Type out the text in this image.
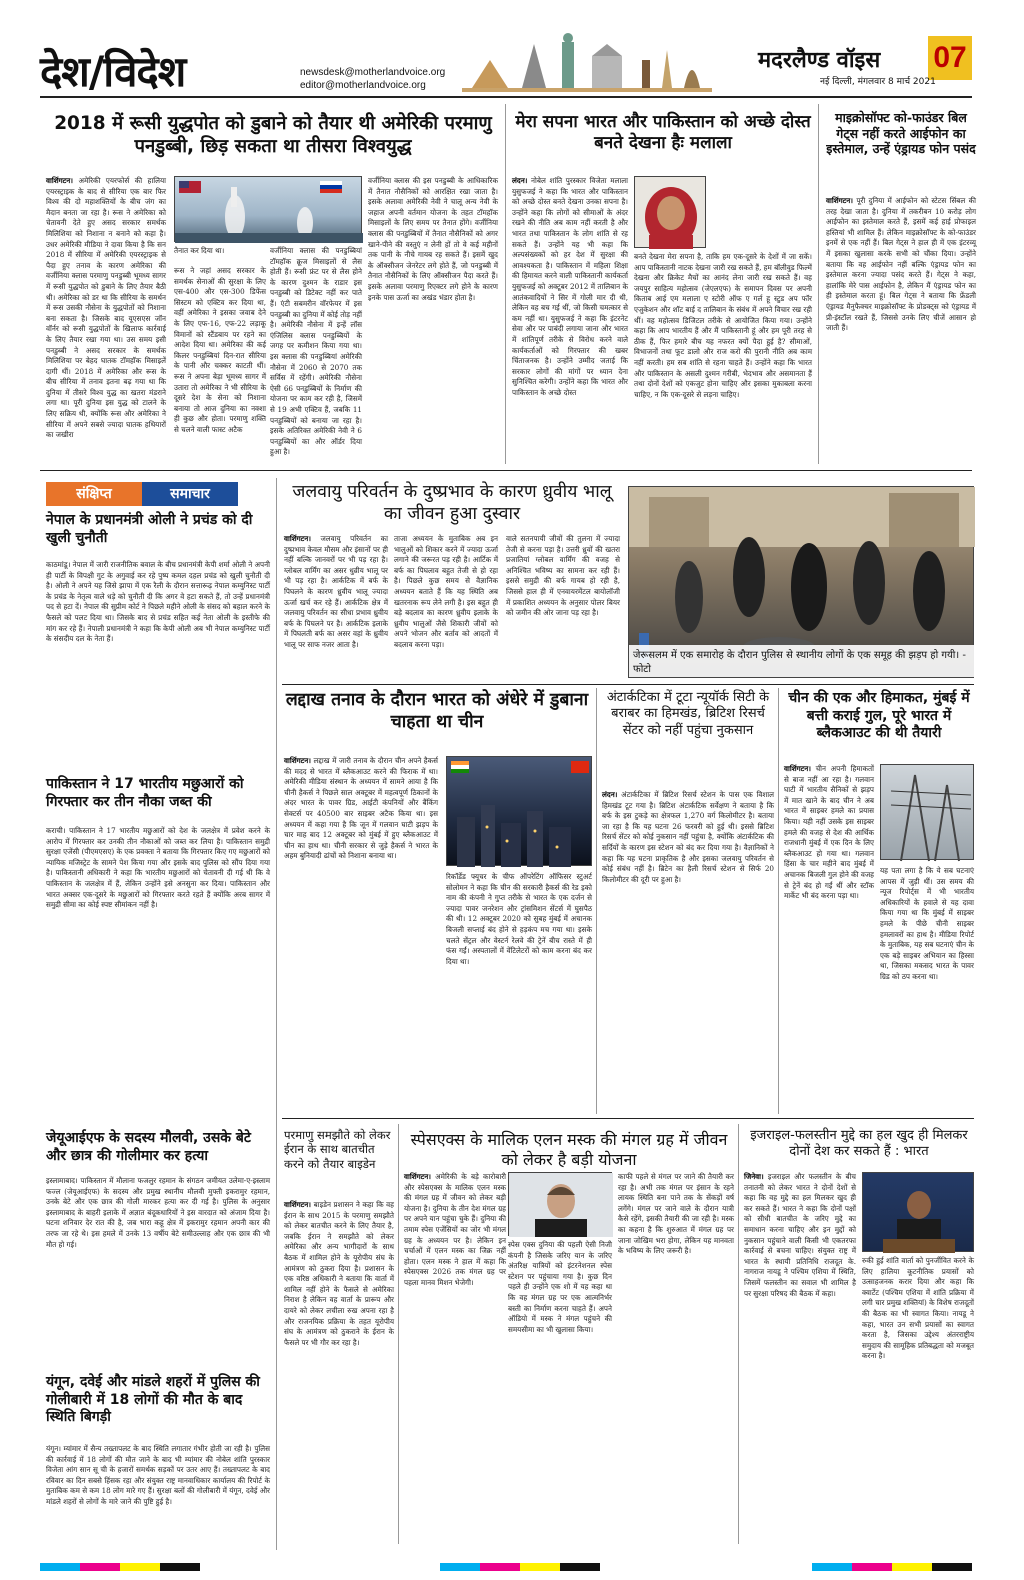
देश/विदेश	newsdesk@motherlandvoice.org
editor@motherlandvoice.org
मदरलैण्ड वॉइस 07
नई दिल्ली, मंगलवार 8 मार्च 2021
2018 में रूसी युद्धपोत को डुबाने को तैयार थी अमेरिकी परमाणु पनडुब्बी, छिड़ सकता था तीसरा विश्वयुद्ध
वाशिंगटन। अमेरिकी एयरफोर्स की हालिया एयरस्ट्राइक के बाद से सीरिया एक बार फिर विश्व की दो महाशक्तियों के बीच जंग का मैदान बनता जा रहा है। रूस ने अमेरिका को चेतावनी देते हुए असद सरकार समर्थक मिलिशिया को निशाना न बनाने को कहा है। उधर अमेरिकी मीडिया ने दावा किया है कि सन 2018 में सीरिया में अमेरिकी एयरस्ट्राइक से पैदा हुए तनाव के कारण अमेरिका की वर्जीनिया क्लास परमाणु पनडुब्बी भूमध्य सागर में रूसी युद्धपोत को डुबाने के लिए तैयार बैठी थी। अमेरिका को डर था कि सीरिया के समर्थन में रूस उसकी नौसेना के युद्धपोतों को निशाना बना सकता है। जिसके बाद यूएसएस जॉन वॉर्नर को रूसी युद्धपोतों के खिलाफ कार्रवाई के लिए तैयार रखा गया था। उस समय इसी पनडुब्बी ने असद सरकार के समर्थक मिलिशिया पर बेहद घातक टॉमहॉक मिसाइलें दागी थीं। 2018 में अमेरिका और रूस के बीच सीरिया में तनाव इतना बढ़ गया था कि दुनिया में तीसरे विश्व युद्ध का खतरा मंडराने लगा था। पूरी दुनिया इस युद्ध को टालने के लिए सक्रिय थी, क्योंकि रूस और अमेरिका ने सीरिया में अपने सबसे ज्यादा घातक हथियारों का जखीरा
तैनात कर दिया था।
रूस ने जहां असद सरकार के समर्थक सेनाओं की सुरक्षा के लिए एस-400 और एस-300 डिफेंस सिस्टम को एक्टिव कर दिया था, वहीं अमेरिका ने इसका जवाब देने के लिए एफ-16, एफ-22 लड़ाकू विमानों को स्टैंडबाय पर रहने का आदेश दिया था। अमेरिका की कई किलर पनडुब्बियां दिन-रात सीरिया के पानी और चक्कर काटती थीं। रूस ने अपना बेड़ा भूमध्य सागर में उतारा तो अमेरिका ने भी सीरिया के दूसरे देश के सेना को निशाना बनाया तो आज दुनिया का नक्शा ही कुछ और होता। परमाणु शक्ति से चलने वाली फास्ट अटैक
वर्जीनिया क्लास की पनडुब्बियां टॉमहॉक क्रूज मिसाइलों से लैस होती हैं। रूसी फ्रंट पर से लैस होने के कारण दुश्मन के राडार इस पनडुब्बी को डिटेक्ट नहीं कर पाते हैं। एंटी सबमरीन वॉरफेयर में इस पनडुब्बी का दुनिया में कोई तोड़ नहीं है। अमेरिकी नौसेना में इन्हें लॉस एंजिलिस क्लास पनडुब्बियों के जगह पर कमीशन किया गया था। इस क्लास की पनडुब्बियां अमेरिकी नौसेना में 2060 से 2070 तक सर्विस में रहेंगी। अमेरिकी नौसेना ऐसी 66 पनडुब्बियों के निर्माण की योजना पर काम कर रही है, जिसमें से 19 अभी एक्टिव हैं, जबकि 11 पनडुब्बियों को बनाया जा रहा है। इसके अतिरिक्त अमेरिकी नेवी ने 6 पनडुब्बियों का और ऑर्डर दिया हुआ है।
वर्जीनिया क्लास की इस पनडुब्बी के आधिकारिक में तैनात नौसैनिकों को आरक्षित रखा जाता है। इसके अलावा अमेरिकी नेवी ने चालू अन्य नेवी के जहाज अपनी वर्तमान योजना के तहत टॉमहॉक मिसाइलों के लिए समय पर तैनात होंगे। वर्जीनिया क्लास की पनडुब्बियों में तैनात नौसैनिकों को अगर खाने-पीने की वस्तुएं न लेनी हों तो वे कई महीनों तक पानी के नीचे गायब रह सकते हैं। इसमें खुद के ऑक्सीजन जेनरेटर लगे होते हैं, जो पनडुब्बी में तैनात नौसैनिकों के लिए ऑक्सीजन पैदा करते हैं। इसके अलावा परमाणु रिएक्टर लगे होने के कारण इनके पास ऊर्जा का अखंड भंडार होता है।
मेरा सपना भारत और पाकिस्तान को अच्छे दोस्त बनते देखना हैः मलाला
लंदन। नोबेल शांति पुरस्कार विजेता मलाला युसुफजई ने कहा कि भारत और पाकिस्तान को अच्छे दोस्त बनते देखना उनका सपना है। उन्होंने कहा कि लोगों को सीमाओं के अंदर रखने की नीति अब काम नहीं करती है और भारत तथा पाकिस्तान के लोग शांति से रह सकते हैं। उन्होंने यह भी कहा कि अल्पसंख्यकों को हर देश में सुरक्षा की आवश्यकता है। पाकिस्तान में महिला शिक्षा की हिमायत करने वाली पाकिस्तानी कार्यकर्ता युसुफजई को अक्टूबर 2012 में तालिबान के आतंकवादियों ने सिर में गोली मार दी थी, लेकिन वह बच गई थीं, जो किसी चमत्कार से कम नहीं था। युसुफजई ने कहा कि इंटरनेट सेवा और पर पाबंदी लगाया जाना और भारत में शांतिपूर्ण तरीके से विरोध करने वाले कार्यकर्ताओं को गिरफ्तार की खबर चिंताजनक है। उन्होंने उम्मीद जताई कि सरकार लोगों की मांगों पर ध्यान देना सुनिश्चित करेगी। उन्होंने कहा कि भारत और पाकिस्तान के अच्छे दोस्त
बनते देखना मेरा सपना है, ताकि हम एक-दूसरे के देशों में जा सकें। आप पाकिस्तानी नाटक देखना जारी रख सकते हैं, हम बॉलीवुड फिल्में देखना और क्रिकेट मैचों का आनंद लेना जारी रख सकते हैं। वह जयपुर साहित्य महोत्सव (जेएलएफ) के समापन दिवस पर अपनी किताब आई एम मलाला ए स्टोरी ऑफ ए गर्ल हू स्टुड अप फॉर एजुकेशन और शॉट बाई द तालिबान के संबंध में अपने विचार रख रही थीं। वह महोत्सव डिजिटल तरीके से आयोजित किया गया। उन्होंने कहा कि आप भारतीय हैं और मैं पाकिस्तानी हूं और हम पूरी तरह से ठीक हैं, फिर हमारे बीच यह नफरत क्यों पैदा हुई है? सीमाओं, विभाजनों तथा फूट डालो और राज करो की पुरानी नीति अब काम नहीं करती। हम सब शांति से रहना चाहते हैं। उन्होंने कहा कि भारत और पाकिस्तान के असली दुश्मन गरीबी, भेदभाव और असमानता हैं तथा दोनों देशों को एकजुट होना चाहिए और इसका मुकाबला करना चाहिए, न कि एक-दूसरे से लड़ना चाहिए।
माइक्रोसॉफ्ट को-फाउंडर बिल गेट्स नहीं करते आईफोन का इस्तेमाल, उन्हें एंड्रायड फोन पसंद
वाशिंगटन। पूरी दुनिया में आईफोन को स्टेटस सिंबल की तरह देखा जाता है। दुनिया में तकरीबन 10 करोड़ लोग आईफोन का इस्तेमाल करते हैं, इसमें कई हाई प्रोफाइल हस्तियां भी शामिल हैं। लेकिन माइक्रोसॉफ्ट के को-फाउंडर इनमें से एक नहीं हैं। बिल गेट्स ने हाल ही में एक इंटरव्यू में इसका खुलासा करके सभी को चौंका दिया। उन्होंने बताया कि वह आईफोन नहीं बल्कि एंड्रायड फोन का इस्तेमाल करना ज्यादा पसंद करते हैं। गेट्स ने कहा, हालांकि मेरे पास आईफोन है, लेकिन मैं एंड्रायड फोन का ही इस्तेमाल करता हूं। बिल गेट्स ने बताया कि फ्रेंडली एंड्रायड मैनुफैक्चर माइक्रोसॉफ्ट के प्रोडक्ट्स को एंड्रायड में प्री-इंस्टॉल रखते हैं, जिससे उनके लिए चीजें आसान हो जाती हैं।
संक्षिप्त	समाचार
नेपाल के प्रधानमंत्री ओली ने प्रचंड को दी खुली चुनौती
काठमांडू। नेपाल में जारी राजनीतिक बवाल के बीच प्रधानमंत्री केपी शर्मा ओली ने अपनी ही पार्टी के विपक्षी गुट के अगुवाई कर रहे पुष्प कमल दहल प्रचंड को खुली चुनौती दी है। ओली ने अपने यह जिसे झापा में एक रैली के दौरान सत्तारूढ़ नेपाल कम्युनिस्ट पार्टी के प्रचंड के नेतृत्व वाले धड़े को चुनौती दी कि अगर वे हटा सकते हैं, तो उन्हें प्रधानमंत्री पद से हटा दें। नेपाल की सुप्रीम कोर्ट ने पिछले महीने ओली के संसद को बहाल करने के फैसले को पलट दिया था। जिसके बाद से प्रचंड सहित कई नेता ओली के इस्तीफे की मांग कर रहे हैं। नेपाली प्रधानमंत्री ने कहा कि केपी ओली अब भी नेपाल कम्युनिस्ट पार्टी के संसदीय दल के नेता हैं।
पाकिस्तान ने 17 भारतीय मछुआरों को गिरफ्तार कर तीन नौका जब्त की
कराची। पाकिस्तान ने 17 भारतीय मछुआरों को देश के जलक्षेत्र में प्रवेश करने के आरोप में गिरफ्तार कर उनकी तीन नौकाओं को जब्त कर लिया है। पाकिस्तान समुद्री सुरक्षा एजेंसी (पीएमएसए) के एक प्रवक्ता ने बताया कि गिरफ्तार किए गए मछुआरों को न्यायिक मजिस्ट्रेट के सामने पेश किया गया और इसके बाद पुलिस को सौंप दिया गया है। पाकिस्तानी अधिकारी ने कहा कि भारतीय मछुआरों को चेतावनी दी गई थी कि वे पाकिस्तान के जलक्षेत्र में हैं, लेकिन उन्होंने इसे अनसुना कर दिया। पाकिस्तान और भारत अक्सर एक-दूसरे के मछुआरों को गिरफ्तार करते रहते हैं क्योंकि अरब सागर में समुद्री सीमा का कोई स्पष्ट सीमांकन नहीं है।
जेयूआईएफ के सदस्य मौलवी, उसके बेटे और छात्र की गोलीमार कर हत्या
इस्लामाबाद। पाकिस्तान में मौलाना फजलुर रहमान के संगठन जमीयत उलेमा-ए-इस्लाम फज्ल (जेयूआईएफ) के सदस्य और प्रमुख स्थानीय मौलवी मुफ्ती इकरामुर रहमान, उनके बेटे और एक छात्र की गोली मारकर हत्या कर दी गई है। पुलिस के अनुसार इस्लामाबाद के बाहरी इलाके में अज्ञात बंदूकधारियों ने इस वारदात को अंजाम दिया है। घटना शनिवार देर रात की है, जब भारा कहू क्षेत्र में इकरामुर रहमान अपनी कार की तरफ जा रहे थे। इस हमले में उनके 13 वर्षीय बेटे समीउल्लाह और एक छात्र की भी मौत हो गई।
यंगून, दवेई और मांडले शहरों में पुलिस की गोलीबारी में 18 लोगों की मौत के बाद स्थिति बिगड़ी
यंगून। म्यांमार में सैन्य तख्तापलट के बाद स्थिति लगातार गंभीर होती जा रही है। पुलिस की कार्रवाई में 18 लोगों की मौत जाने के बाद भी म्यांमार की नोबेल शांति पुरस्कार विजेता आंग सान सू ची के हजारों समर्थक सड़कों पर उतर आए हैं। तख्तापलट के बाद रविवार का दिन सबसे हिंसक रहा और संयुक्त राष्ट्र मानवाधिकार कार्यालय की रिपोर्ट के मुताबिक कम से कम 18 लोग मारे गए हैं। सुरक्षा बलों की गोलीबारी में यंगून, दवेई और मांडले शहरों से लोगों के मारे जाने की पुष्टि हुई है।
जलवायु परिवर्तन के दुष्प्रभाव के कारण ध्रुवीय भालू का जीवन हुआ दुस्वार
वाशिंगटन। जलवायु परिवर्तन का दुष्प्रभाव केवल मौसम और इंसानों पर ही नहीं बल्कि जानवरों पर भी पड़ रहा है। ग्लोबल वार्मिंग का असर धुव्रीय भालू पर भी पड़ रहा है। आर्कटिक में बर्फ के पिघलने के कारण ध्रुवीय भालू ज्यादा ऊर्जा खर्च कर रहे हैं। आर्कटिक क्षेत्र में जलवायु परिवर्तन का सीधा प्रभाव ध्रुवीय बर्फ के पिघलने पर है। आर्कटिक इलाके में पिघलती बर्फ का असर वहां के ध्रुवीय भालू पर साफ नजर आता है।
ताजा अध्ययन के मुताबिक अब इन भालुओं को शिकार करने में ज्यादा ऊर्जा लगाने की जरूरत पड़ रही है। आर्टिक में बर्फ का पिघलाव बहुत तेजी से हो रहा है। पिछले कुछ समय से वैज्ञानिक अध्ययन बताते हैं कि यह स्थिति अब खतरनाक रूप लेने लगी है। इस बहुत ही बड़े बदलाव का कारण ध्रुवीय इलाके के ध्रुवीय भालुओं जैसे शिकारी जीवों को अपने भोजन और बर्ताव को आदतों में बदलाव करना पड़ा।
वाले सतनपायी जीवों की तुलना में ज्यादा तेजी से करना पड़ा है। उत्तरी ध्रुवों की खतरा प्रजातियां ग्लोबल वार्मिंग की वजह से अनिश्चित भविष्य का सामना कर रही हैं। इससे समुद्री की बर्फ गायब हो रही है, जिससे हाल ही में एनवायरमेंटल बायोलॉजी में प्रकाशित अध्ययन के अनुसार पोलर बियर को जमीन की ओर जाना पड़ रहा है।
जेरूसलम में एक समारोह के दौरान पुलिस से स्थानीय लोगों के एक समूह की झड़प हो गयी। - फोटो
लद्दाख तनाव के दौरान भारत को अंधेरे में डुबाना चाहता था चीन
वाशिंगटन। लद्दाख में जारी तनाव के दौरान चीन अपने हैकर्स की मदद से भारत में ब्लैकआउट करने की फिराक में था। अमेरिकी मीडिया संस्थान के अध्ययन में सामने आया है कि चीनी हैकर्स ने पिछले साल अक्टूबर में महत्वपूर्ण ठिकानों के अंदर भारत के पावर ग्रिड, आईटी कंपनियों और बैंकिंग सेक्टर्स पर 40500 बार साइबर अटैक किया था। इस अध्ययन में कहा गया है कि जून में गलवान घाटी झड़प के चार माह बाद 12 अक्टूबर को मुंबई में हुए ब्लैकआउट में चीन का हाथ था। चीनी सरकार से जुड़े हैकर्स ने भारत के अहम बुनियादी ढांचों को निशाना बनाया था।
रिकॉर्डेड फ्यूचर के चीफ ऑपरेटिंग ऑफिसर स्टुअर्ट सोलोमन ने कहा कि चीन की सरकारी हैकर्स की रेड इको नाम की कंपनी ने गुप्त तरीके से भारत के एक दर्जन से ज्यादा पावर जनरेशन और ट्रांसमिशन सेंटर्स में घुसपैठ की थी। 12 अक्टूबर 2020 को सुबह मुंबई में अचानक बिजली सप्लाई बंद होने से हड़कंप मच गया था। इसके चलते सेंट्रल और वेस्टर्न रेलवे की ट्रेनें बीच रास्ते में ही फंस गईं। अस्पतालों में वेंटिलेटरों को काम करना बंद कर दिया था।
अंटार्कटिका में टूटा न्यूयॉर्क सिटी के बराबर का हिमखंड, ब्रिटिश रिसर्च सेंटर को नहीं पहुंचा नुकसान
लंदन। अंटार्कटिका में ब्रिटिश रिसर्च स्टेशन के पास एक विशाल हिमखंड टूट गया है। ब्रिटिश अंटार्कटिक सर्वेक्षण ने बताया है कि बर्फ के इस टुकड़े का क्षेत्रफल 1,270 वर्ग किलोमीटर है। बताया जा रहा है कि यह घटना 26 फरवरी को हुई थी। इससे ब्रिटिश रिसर्च सेंटर को कोई नुकसान नहीं पहुंचा है, क्योंकि अंटार्कटिक की सर्दियों के कारण इस स्टेशन को बंद कर दिया गया है। वैज्ञानिकों ने कहा कि यह घटना प्राकृतिक है और इसका जलवायु परिवर्तन से कोई संबंध नहीं है। ब्रिटेन का हैली रिसर्च स्टेशन से सिर्फ 20 किलोमीटर की दूरी पर हुआ है।
चीन की एक और हिमाकत, मुंबई में बत्ती कराई गुल, पूरे भारत में ब्लैकआउट की थी तैयारी
वाशिंगटन। चीन अपनी हिमाकतों से बाज नहीं आ रहा है। गलवान घाटी में भारतीय सैनिकों से झड़प में मात खाने के बाद चीन ने अब भारत में साइबर हमले का प्रयास किया। यही नहीं उसके इस साइबर हमले की वजह से देश की आर्थिक राजधानी मुंबई में एक दिन के लिए ब्लैकआउट हो गया था। गलवान हिंसा के चार महीने बाद मुंबई में अचानक बिजली गुल होने की वजह से ट्रेनें बंद हो गईं थीं और स्टॉक मार्केट भी बंद करना पड़ा था।
यह पता लगा है कि ये सब घटनाएं आपस में जुड़ी थीं। उस समय की न्यूज रिपोर्ट्स में भी भारतीय अधिकारियों के हवाले से यह दावा किया गया था कि मुंबई में साइबर हमले के पीछे चीनी साइबर हमलावरों का हाथ है। मीडिया रिपोर्ट के मुताबिक, यह सब घटनाएं चीन के एक बड़े साइबर अभियान का हिस्सा था, जिसका मकसद भारत के पावर ग्रिड को ठप करना था।
परमाणु समझौते को लेकर ईरान के साथ बातचीत करने को तैयार बाइडेन
वाशिंगटन। बाइडेन प्रशासन ने कहा कि वह ईरान के साथ 2015 के परमाणु समझौते को लेकर बातचीत करने के लिए तैयार है, जबकि ईरान ने समझौते को लेकर अमेरिका और अन्य भागीदारों के साथ बैठक में शामिल होने के यूरोपीय संघ के आमंत्रण को ठुकरा दिया है। प्रशासन के एक वरिष्ठ अधिकारी ने बताया कि वार्ता में शामिल नहीं होने के फैसले से अमेरिका निराश है लेकिन वह वार्ता के प्रारूप और दायरे को लेकर लचीला रुख अपना रहा है और राजनयिक प्रक्रिया के तहत यूरोपीय संघ के आमंत्रण को ठुकराने के ईरान के फैसले पर भी गौर कर रहा है।
स्पेसएक्स के मालिक एलन मस्क की मंगल ग्रह में जीवन को लेकर है बड़ी योजना
वाशिंगटन। अमेरिकी के बड़े कारोबारी और स्पेसएक्स के मालिक एलन मस्क की मंगल ग्रह में जीवन को लेकर बड़ी योजना है। दुनिया के तीन देश मंगल ग्रह पर अपने यान पहुंचा चुके हैं। दुनिया की तमाम स्पेस एजेंसियों का जोर भी मंगल ग्रह के अध्ययन पर है। लेकिन इन चर्चाओं में एलन मस्क का जिक्र नहीं होता। एलन मस्क ने हाल में कहा कि स्पेसएक्स 2026 तक मंगल ग्रह पर पहला मानव मिशन भेजेगी।
स्पेस एक्स दुनिया की पहली ऐसी निजी कंपनी है जिसके जरिए यान के जरिए अंतरिक्ष यात्रियों को इंटरनेशनल स्पेस स्टेशन पर पहुंचाया गया है। कुछ दिन पहले ही उन्होंने एक शो में यह कहा था कि वह मंगल ग्रह पर एक आत्मनिर्भर बस्ती का निर्माण करना चाहते हैं। अपने ऑडियो में मस्क ने मंगल पहुंचने की समयसीमा का भी खुलासा किया।
काफी पहले से मंगल पर जाने की तैयारी कर रहा है। अभी तक मंगल पर इंसान के रहने लायक स्थिति बना पाने तक के सेंकड़ों वर्ष लगेंगे। मंगल पर जाने वाले के दौरान यात्री कैसे रहेंगे, इसकी तैयारी की जा रही है। मस्क का कहना है कि शुरुआत में मंगल ग्रह पर जाना जोखिम भरा होगा, लेकिन यह मानवता के भविष्य के लिए जरूरी है।
इजराइल-फलस्तीन मुद्दे का हल खुद ही मिलकर दोनों देश कर सकते हैं : भारत
जिनेवा। इजराइल और फलस्तीन के बीच तनातनी को लेकर भारत ने दोनों देशों से कहा कि वह मुद्दे का हल मिलकर खुद ही कर सकते हैं। भारत ने कहा कि दोनों पक्षों को सीधी बातचीत के जरिए मुद्दे का समाधान करना चाहिए और इन मुद्दों को नुकसान पहुंचाने वाली किसी भी एकतरफा कार्रवाई से बचना चाहिए। संयुक्त राष्ट्र में भारत के स्थायी प्रतिनिधि राजदूत के. नागराज नायडू ने पश्चिम एशिया में स्थिति, जिसमें फलस्तीन का सवाल भी शामिल है पर सुरक्षा परिषद की बैठक में कहा।
रुकी हुई शांति वार्ता को पुनर्जीवित करने के लिए हालिया कूटनीतिक प्रयासों को उत्साहजनक करार दिया और कहा कि क्वार्टेट (पश्चिम एशिया में शांति प्रक्रिया में लगी चार प्रमुख शक्तियां) के विशेष राजदूतों की बैठक का भी स्वागत किया। नायडू ने कहा, भारत उन सभी प्रयासों का स्वागत करता है, जिसका उद्देश्य अंतरराष्ट्रीय समुदाय की सामूहिक प्रतिबद्धता को मजबूत करना है।
